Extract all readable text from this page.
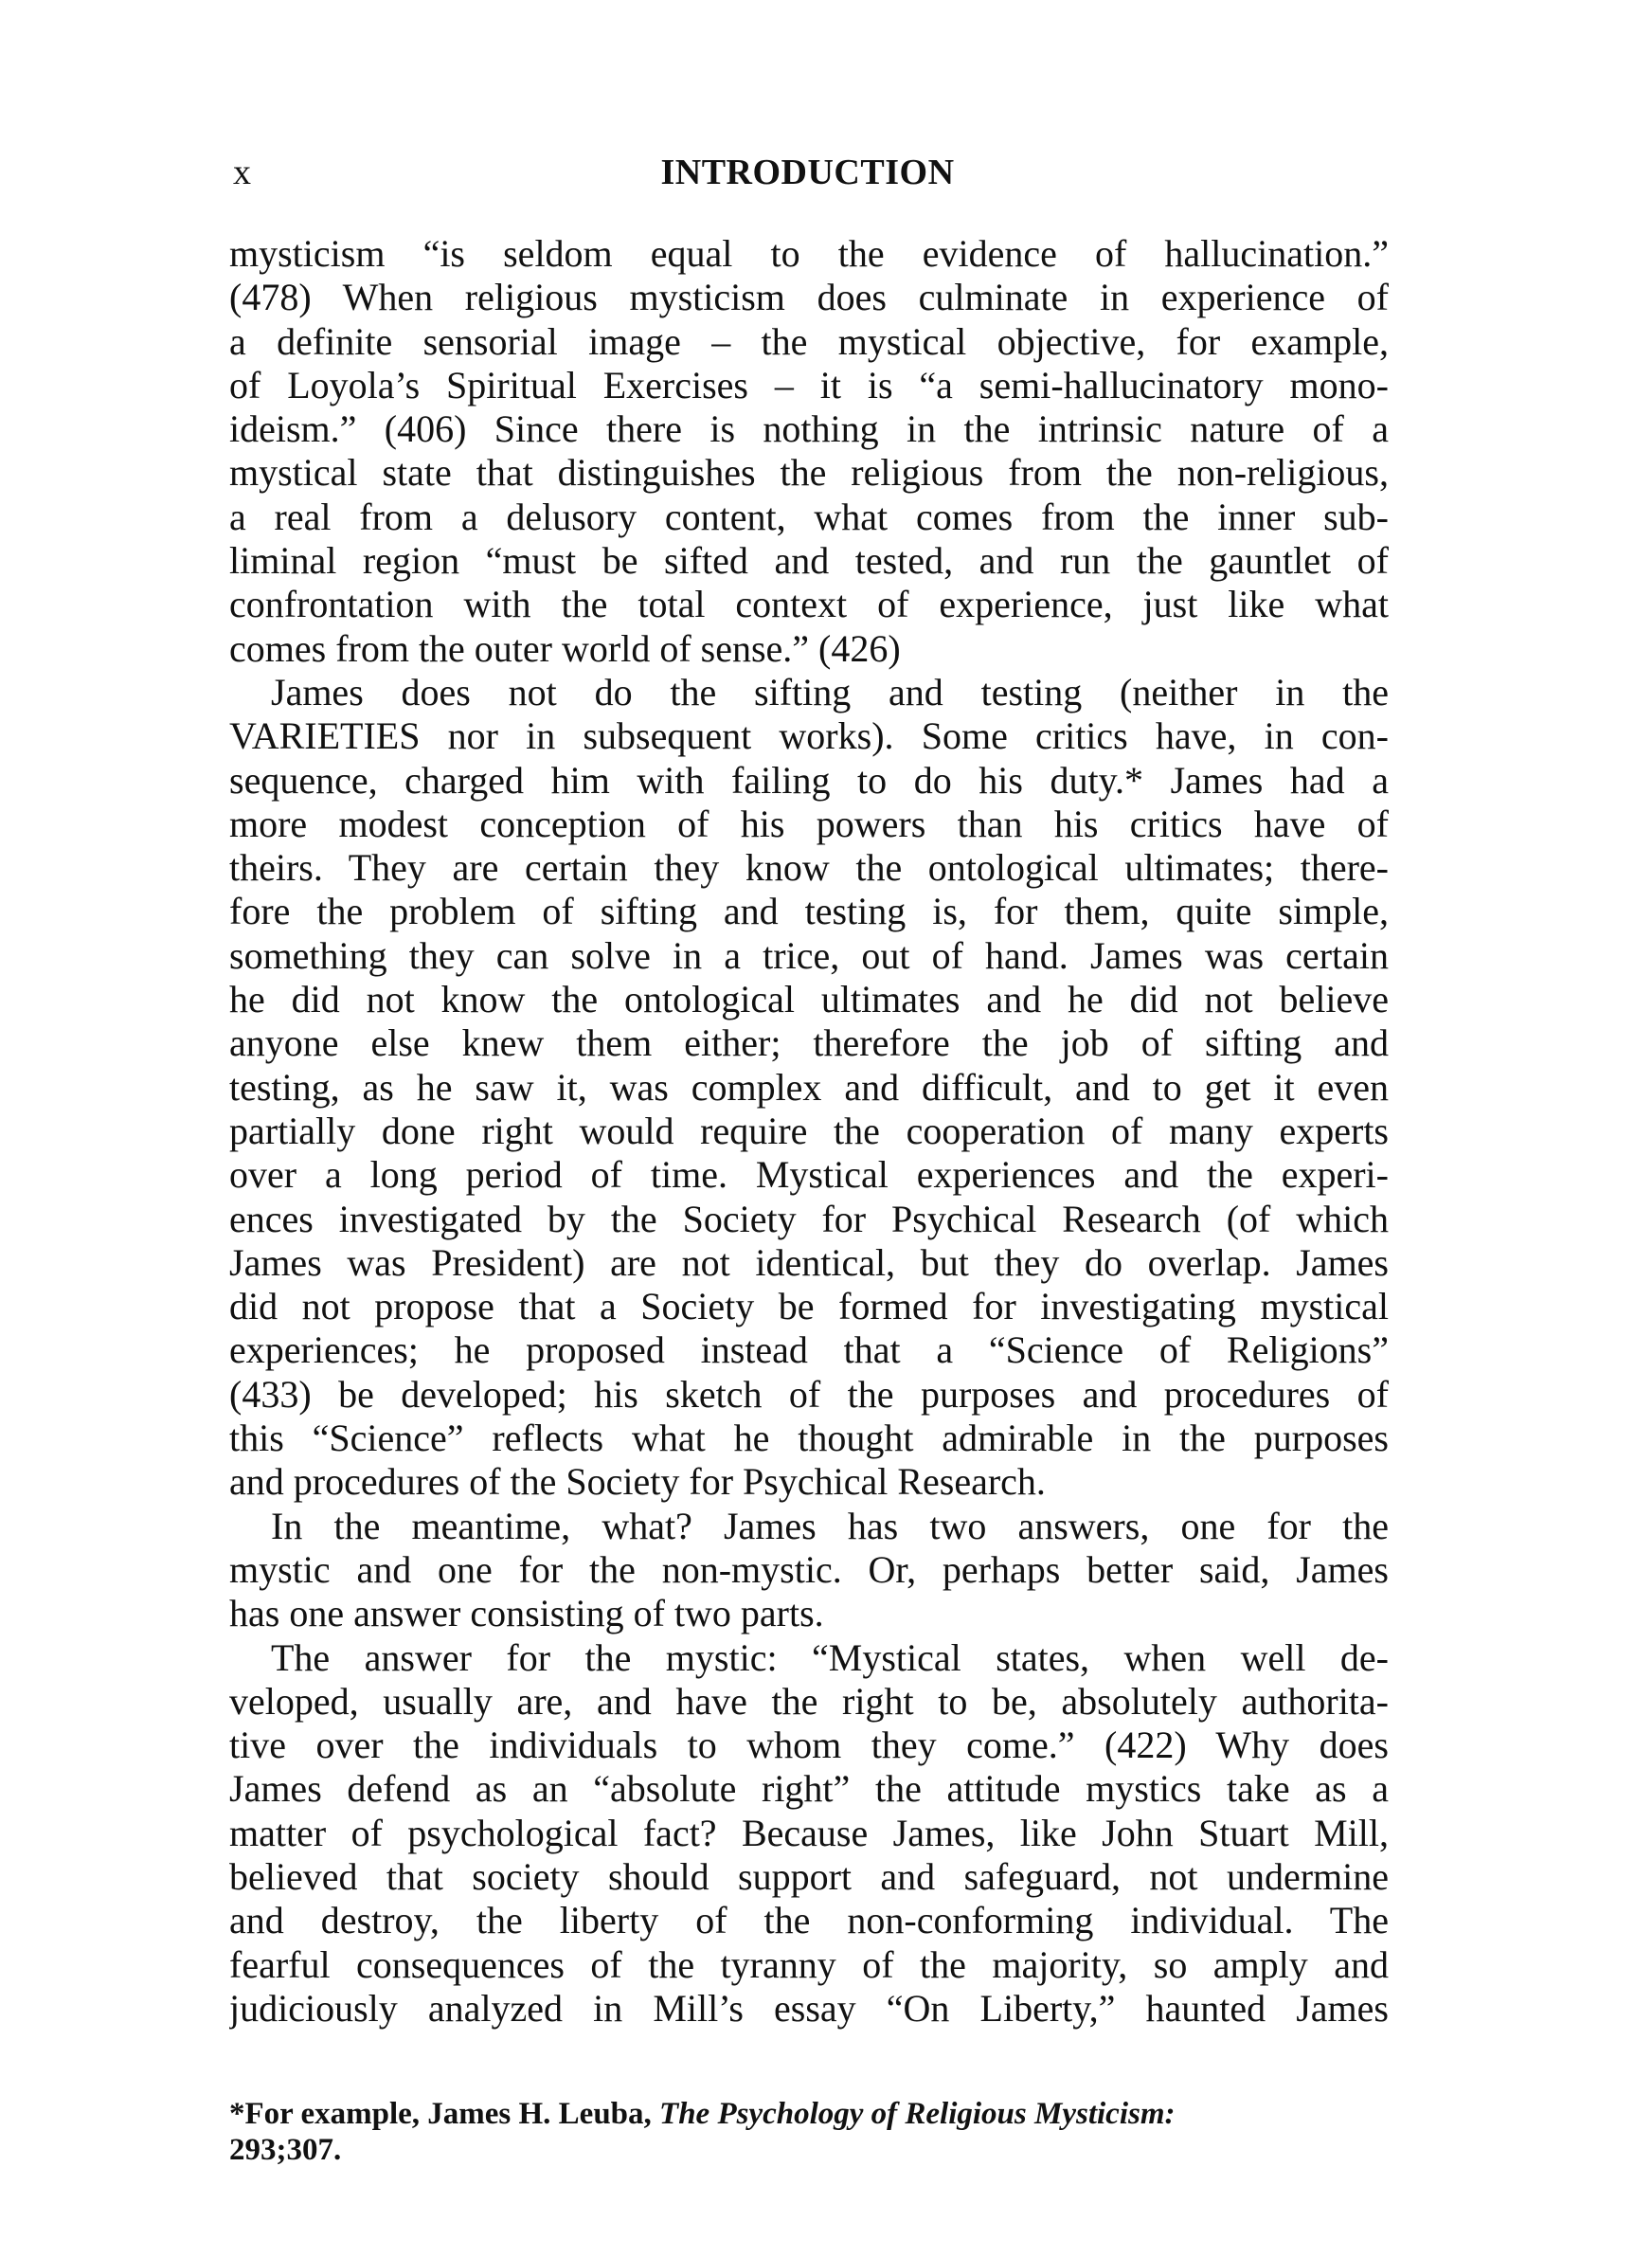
x	INTRODUCTION
mysticism “is seldom equal to the evidence of hallucination.”
(478) When religious mysticism does culminate in experience of
a definite sensorial image – the mystical objective, for example,
of Loyola’s Spiritual Exercises – it is “a semi-hallucinatory mono-
ideism.” (406) Since there is nothing in the intrinsic nature of a
mystical state that distinguishes the religious from the non-religious,
a real from a delusory content, what comes from the inner sub-
liminal region “must be sifted and tested, and run the gauntlet of
confrontation with the total context of experience, just like what
comes from the outer world of sense.” (426)
James does not do the sifting and testing (neither in the
VARIETIES nor in subsequent works). Some critics have, in con-
sequence, charged him with failing to do his duty.* James had a
more modest conception of his powers than his critics have of
theirs. They are certain they know the ontological ultimates; there-
fore the problem of sifting and testing is, for them, quite simple,
something they can solve in a trice, out of hand. James was certain
he did not know the ontological ultimates and he did not believe
anyone else knew them either; therefore the job of sifting and
testing, as he saw it, was complex and difficult, and to get it even
partially done right would require the cooperation of many experts
over a long period of time. Mystical experiences and the experi-
ences investigated by the Society for Psychical Research (of which
James was President) are not identical, but they do overlap. James
did not propose that a Society be formed for investigating mystical
experiences; he proposed instead that a “Science of Religions”
(433) be developed; his sketch of the purposes and procedures of
this “Science” reflects what he thought admirable in the purposes
and procedures of the Society for Psychical Research.
In the meantime, what? James has two answers, one for the
mystic and one for the non-mystic. Or, perhaps better said, James
has one answer consisting of two parts.
The answer for the mystic: “Mystical states, when well de-
veloped, usually are, and have the right to be, absolutely authorita-
tive over the individuals to whom they come.” (422) Why does
James defend as an “absolute right” the attitude mystics take as a
matter of psychological fact? Because James, like John Stuart Mill,
believed that society should support and safeguard, not undermine
and destroy, the liberty of the non-conforming individual. The
fearful consequences of the tyranny of the majority, so amply and
judiciously analyzed in Mill’s essay “On Liberty,” haunted James
*For example, James H. Leuba, The Psychology of Religious Mysticism:
293;307.
